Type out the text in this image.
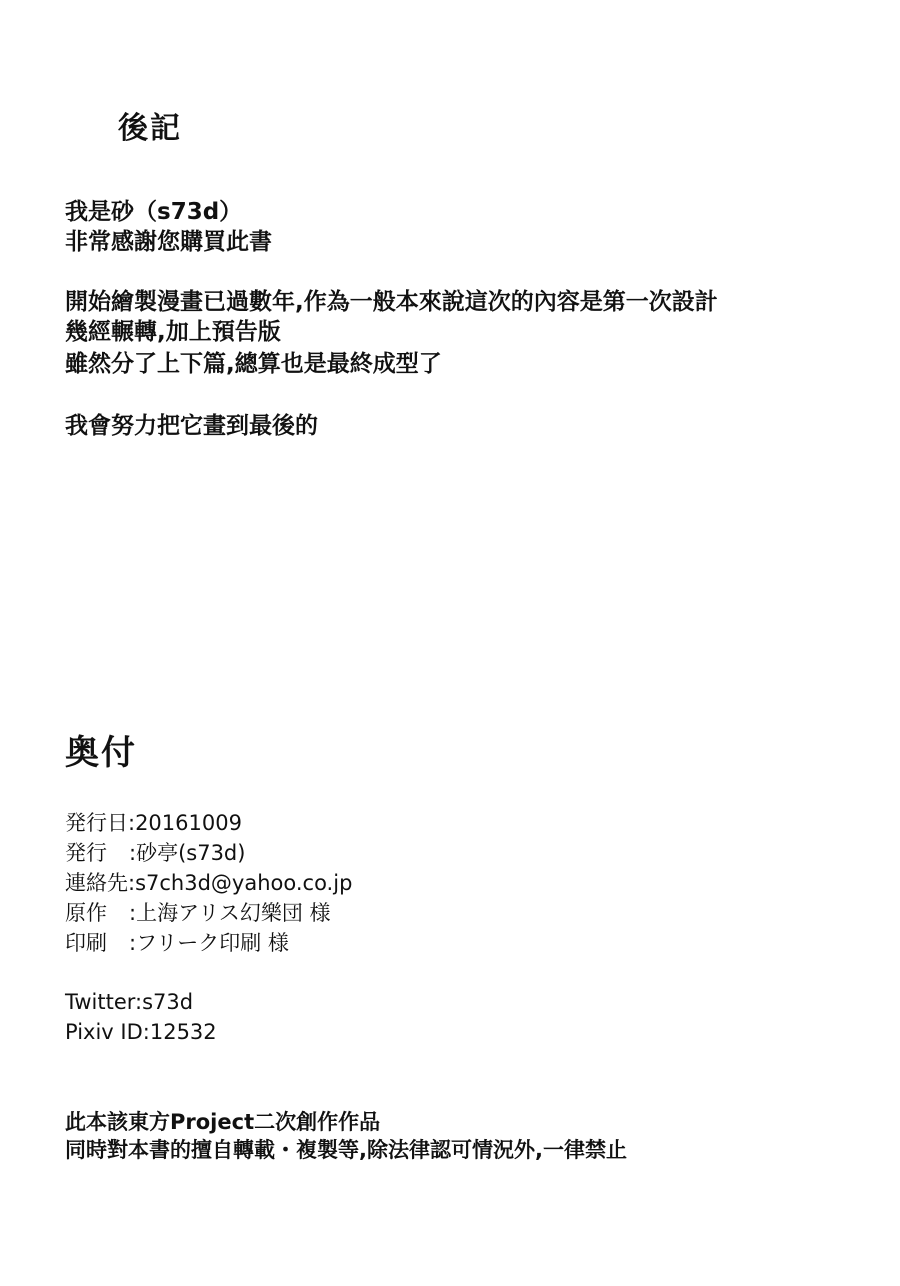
後記
我是砂（s73d）
非常感謝您購買此書
開始繪製漫畫已過數年,作為一般本來說這次的內容是第一次設計
幾經輾轉,加上預告版
雖然分了上下篇,總算也是最終成型了
我會努力把它畫到最後的
奥付
発行日:20161009
発行 :砂亭(s73d)
連絡先:s7ch3d@yahoo.co.jp
原作 :上海アリス幻樂団 様
印刷 :フリーク印刷 様
Twitter:s73d
Pixiv ID:12532
此本該東方Project二次創作作品
同時對本書的擅自轉載・複製等,除法律認可情況外,一律禁止
